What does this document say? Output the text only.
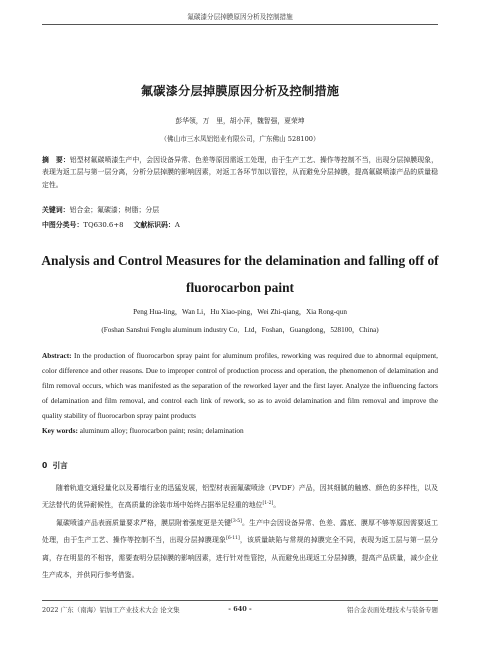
氟碳漆分层掉膜原因分析及控制措施
氟碳漆分层掉膜原因分析及控制措施
彭华领，万　里，胡小萍，魏智强，夏荣坤
（佛山市三水凤铝铝业有限公司，广东佛山 528100）
摘　要：铝型材氟碳喷漆生产中，会因设备异常、色差等原因需返工处理，由于生产工艺、操作等控制不当，出现分层掉膜现象，表现为返工层与第一层分离，分析分层掉膜的影响因素，对返工各环节加以管控，从而避免分层掉膜，提高氟碳喷漆产品的质量稳定性。
关键词：铝合金；氟碳漆；树脂；分层
中图分类号：TQ630.6+8 文献标识码：A
Analysis and Control Measures for the delamination and falling off of fluorocarbon paint
Peng Hua-ling，Wan Li，Hu Xiao-ping，Wei Zhi-qiang，Xia Rong-qun
(Foshan Sanshui Fenglu aluminum industry Co．Ltd，Foshan，Guangdong，528100，China)
Abstract: In the production of fluorocarbon spray paint for aluminum profiles, reworking was required due to abnormal equipment, color difference and other reasons. Due to improper control of production process and operation, the phenomenon of delamination and film removal occurs, which was manifested as the separation of the reworked layer and the first layer. Analyze the influencing factors of delamination and film removal, and control each link of rework, so as to avoid delamination and film removal and improve the quality stability of fluorocarbon spray paint products
Key words: aluminum alloy; fluorocarbon paint; resin; delamination
0 引言

随着轨道交通轻量化以及幕墙行业的迅猛发展，铝型材表面氟碳喷涂（PVDF）产品，因其细腻的触感、颜色的多样性，以及无法替代的优异耐候性，在高质量的涂装市场中始终占据举足轻重的地位[1-2]。

氟碳喷漆产品表面质量要求严格，膜层附着强度更是关键[3-5]。生产中会因设备异常、色差、露底、膜厚不够等原因需要返工处理，由于生产工艺、操作等控制不当，出现分层掉膜现象[6-11]，该质量缺陷与常规的掉膜完全不同，表现为返工层与第一层分离，存在明显的不相容，需要查明分层掉膜的影响因素，进行针对性管控，从而避免出现返工分层掉膜，提高产品质量，减少企业生产成本，并供同行参考借鉴。

2022 广东（南海）铝加工产业技术大会 论文集	- 640 -	铝合金表面处理技术与装备专题
